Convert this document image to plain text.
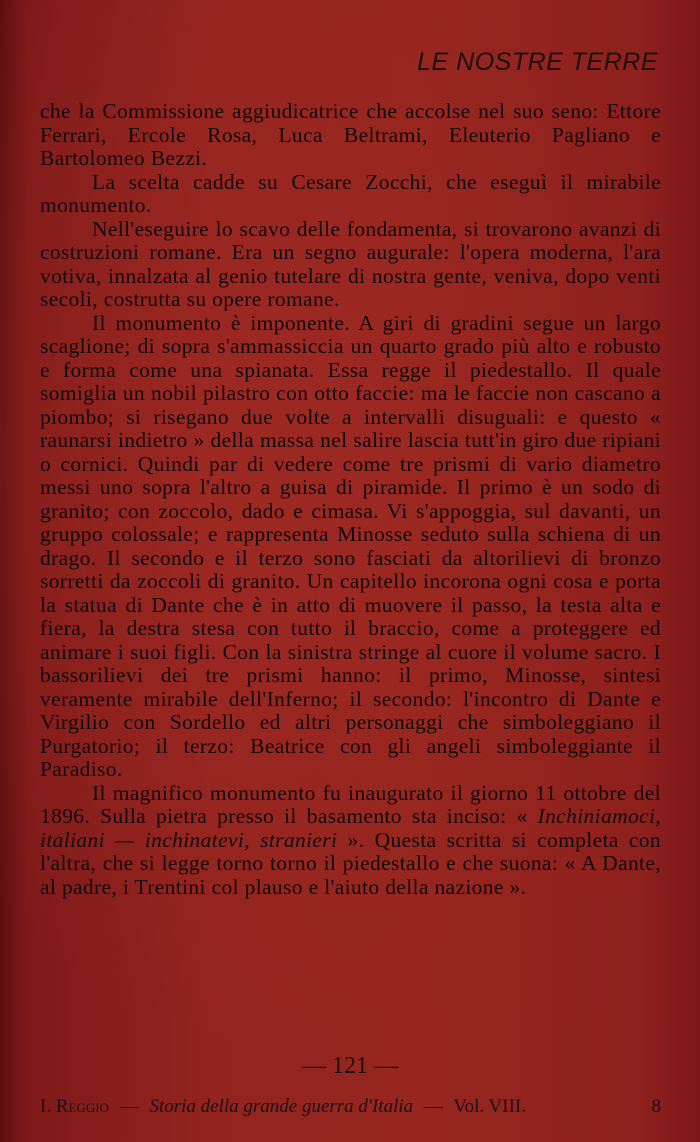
LE NOSTRE TERRE

che la Commissione aggiudicatrice che accolse nel suo seno: Ettore Ferrari, Ercole Rosa, Luca Beltrami, Eleuterio Pagliano e Bartolomeo Bezzi.

La scelta cadde su Cesare Zocchi, che eseguì il mirabile monumento.

Nell'eseguire lo scavo delle fondamenta, si trovarono avanzi di costruzioni romane. Era un segno augurale: l'opera moderna, l'ara votiva, innalzata al genio tutelare di nostra gente, veniva, dopo venti secoli, costrutta su opere romane.

Il monumento è imponente. A giri di gradini segue un largo scaglione; di sopra s'ammassiccia un quarto grado più alto e robusto e forma come una spianata. Essa regge il piedestallo. Il quale somiglia un nobil pilastro con otto faccie: ma le faccie non cascano a piombo; si risegano due volte a intervalli disuguali: e questo « raunarsi indietro » della massa nel salire lascia tutt'in giro due ripiani o cornici. Quindi par di vedere come tre prismi di vario diametro messi uno sopra l'altro a guisa di piramide. Il primo è un sodo di granito; con zoccolo, dado e cimasa. Vi s'appoggia, sul davanti, un gruppo colossale; e rappresenta Minosse seduto sulla schiena di un drago. Il secondo e il terzo sono fasciati da altorilievi di bronzo sorretti da zoccoli di granito. Un capitello incorona ogni cosa e porta la statua di Dante che è in atto di muovere il passo, la testa alta e fiera, la destra stesa con tutto il braccio, come a proteggere ed animare i suoi figli. Con la sinistra stringe al cuore il volume sacro. I bassorilievi dei tre prismi hanno: il primo, Minosse, sintesi veramente mirabile dell'Inferno; il secondo: l'incontro di Dante e Virgilio con Sordello ed altri personaggi che simboleggiano il Purgatorio; il terzo: Beatrice con gli angeli simboleggiante il Paradiso.

Il magnifico monumento fu inaugurato il giorno 11 ottobre del 1896. Sulla pietra presso il basamento sta inciso: « Inchiniamoci, italiani — inchinatevi, stranieri ». Questa scritta si completa con l'altra, che si legge torno torno il piedestallo e che suona: « A Dante, al padre, i Trentini col plauso e l'aiuto della nazione ».

— 121 —
I. Reggio — Storia della grande guerra d'Italia — Vol. VIII.	8
